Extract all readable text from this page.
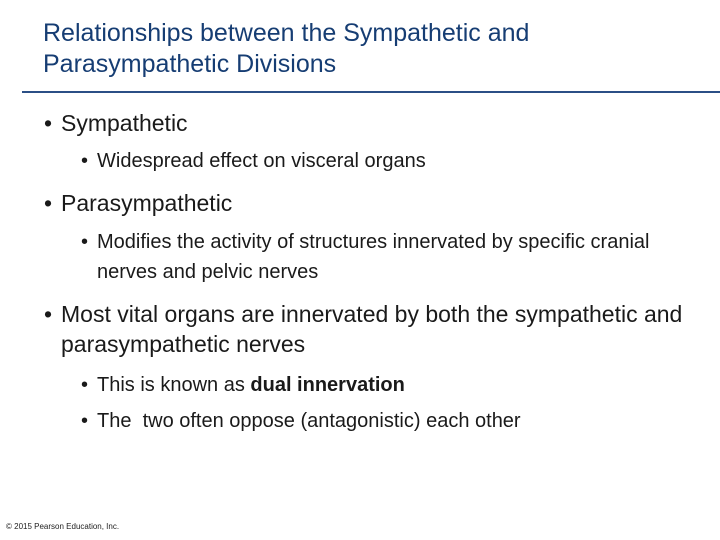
Relationships between the Sympathetic and Parasympathetic Divisions
• Sympathetic
• Widespread effect on visceral organs
• Parasympathetic
• Modifies the activity of structures innervated by specific cranial nerves and pelvic nerves
• Most vital organs are innervated by both the sympathetic and parasympathetic nerves
• This is known as dual innervation
• The  two often oppose (antagonistic) each other
© 2015 Pearson Education, Inc.
